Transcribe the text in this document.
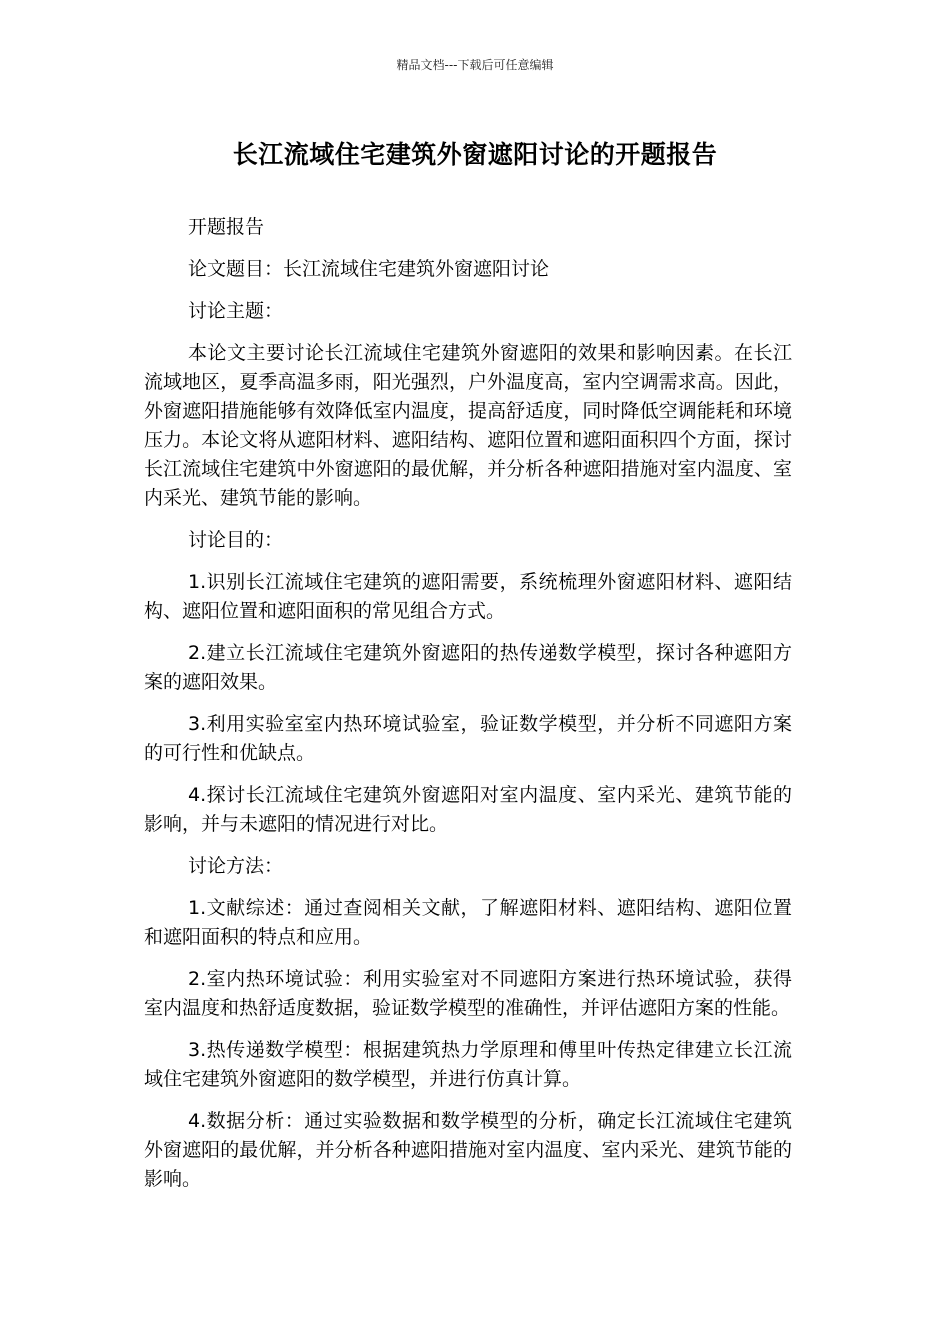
精品文档---下载后可任意编辑
长江流域住宅建筑外窗遮阳讨论的开题报告

开题报告

论文题目：长江流域住宅建筑外窗遮阳讨论

讨论主题：

本论文主要讨论长江流域住宅建筑外窗遮阳的效果和影响因素。在长江流域地区，夏季高温多雨，阳光强烈，户外温度高，室内空调需求高。因此，外窗遮阳措施能够有效降低室内温度，提高舒适度，同时降低空调能耗和环境压力。本论文将从遮阳材料、遮阳结构、遮阳位置和遮阳面积四个方面，探讨长江流域住宅建筑中外窗遮阳的最优解，并分析各种遮阳措施对室内温度、室内采光、建筑节能的影响。

讨论目的：

1.识别长江流域住宅建筑的遮阳需要，系统梳理外窗遮阳材料、遮阳结构、遮阳位置和遮阳面积的常见组合方式。

2.建立长江流域住宅建筑外窗遮阳的热传递数学模型，探讨各种遮阳方案的遮阳效果。

3.利用实验室室内热环境试验室，验证数学模型，并分析不同遮阳方案的可行性和优缺点。

4.探讨长江流域住宅建筑外窗遮阳对室内温度、室内采光、建筑节能的影响，并与未遮阳的情况进行对比。

讨论方法：

1.文献综述：通过查阅相关文献，了解遮阳材料、遮阳结构、遮阳位置和遮阳面积的特点和应用。

2.室内热环境试验：利用实验室对不同遮阳方案进行热环境试验，获得室内温度和热舒适度数据，验证数学模型的准确性，并评估遮阳方案的性能。

3.热传递数学模型：根据建筑热力学原理和傅里叶传热定律建立长江流域住宅建筑外窗遮阳的数学模型，并进行仿真计算。

4.数据分析：通过实验数据和数学模型的分析，确定长江流域住宅建筑外窗遮阳的最优解，并分析各种遮阳措施对室内温度、室内采光、建筑节能的影响。
